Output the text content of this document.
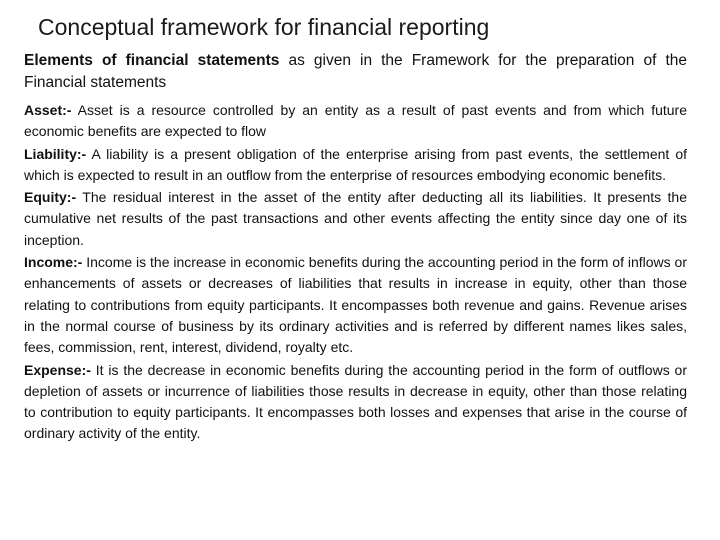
Conceptual framework for financial reporting
Elements of financial statements as given in the Framework for the preparation of the Financial statements
Asset:- Asset is a resource controlled by an entity as a result of past events and from which future economic benefits are expected to flow
Liability:- A liability is a present obligation of the enterprise arising from past events, the settlement of which is expected to result in an outflow from the enterprise of resources embodying economic benefits.
Equity:- The residual interest in the asset of the entity after deducting all its liabilities. It presents the cumulative net results of the past transactions and other events affecting the entity since day one of its inception.
Income:- Income is the increase in economic benefits during the accounting period in the form of inflows or enhancements of assets or decreases of liabilities that results in increase in equity, other than those relating to contributions from equity participants. It encompasses both revenue and gains. Revenue arises in the normal course of business by its ordinary activities and is referred by different names likes sales, fees, commission, rent, interest, dividend, royalty etc.
Expense:- It is the decrease in economic benefits during the accounting period in the form of outflows or depletion of assets or incurrence of liabilities those results in decrease in equity, other than those relating to contribution to equity participants. It encompasses both losses and expenses that arise in the course of ordinary activity of the entity.
